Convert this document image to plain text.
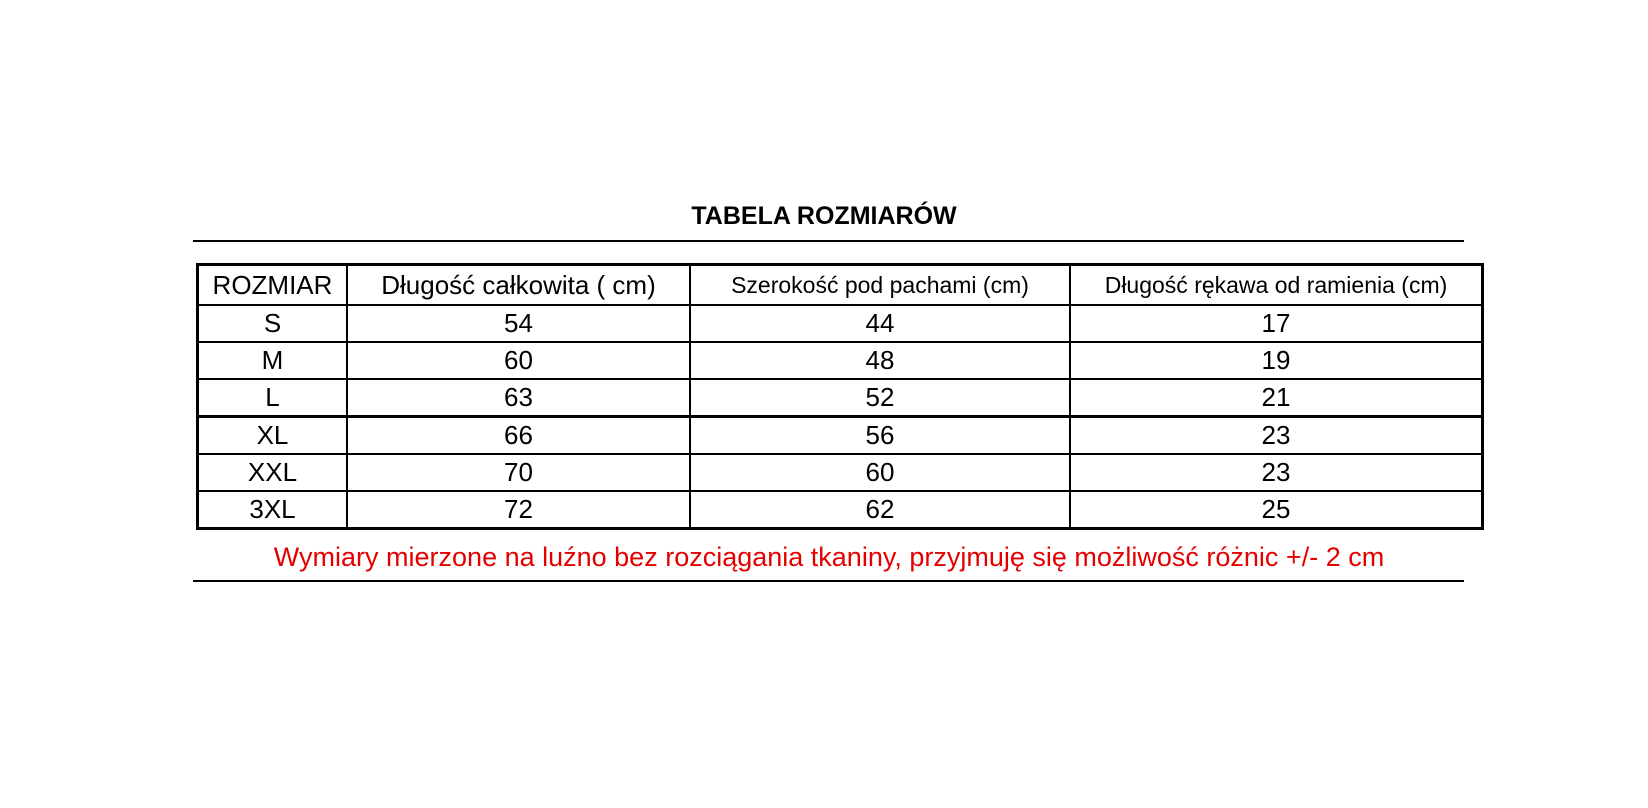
TABELA ROZMIARÓW
ROZMIAR	Długość całkowita ( cm)	Szerokość pod pachami (cm)	Długość rękawa od ramienia (cm)
S	54	44	17
M	60	48	19
L	63	52	21
XL	66	56	23
XXL	70	60	23
3XL	72	62	25
Wymiary mierzone na luźno bez rozciągania tkaniny, przyjmuję się możliwość różnic +/- 2 cm
